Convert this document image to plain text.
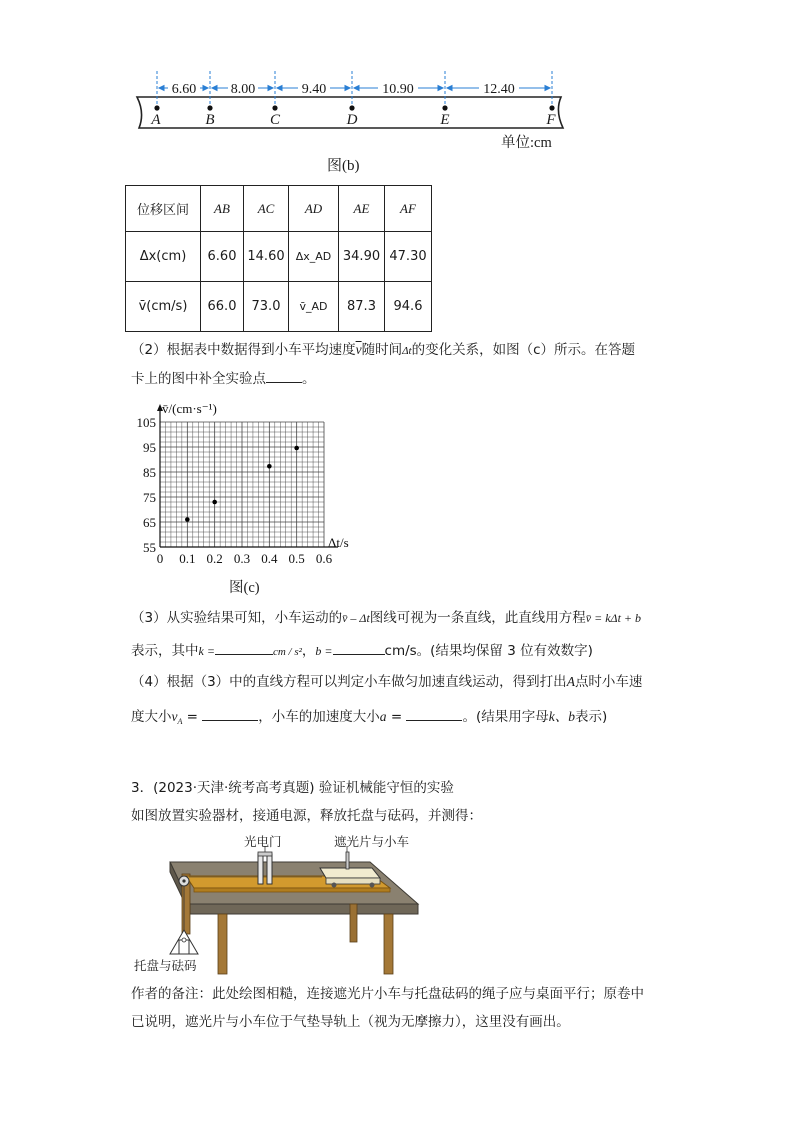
6.60 8.00	9.40	10.90	12.40
A	B	C	D	E	F
单位:cm
图(b)
位移区间	AB	AC	AD	AE	AF
Δx(cm)	6.60	14.60	Δx_AD	34.90	47.30
v̄(cm/s)	66.0	73.0	v̄_AD	87.3	94.6
（2）根据表中数据得到小车平均速度$\overline{v}$随时间Δt的变化关系，如图（c）所示。在答题
卡上的图中补全实验点	。
0 0.1 0.2 0.3 0.4 0.5 0.6
55
65
75
85
95
105
v̄/(cm·s⁻¹)
Δt/s
图(c)
（3）从实验结果可知，小车运动的v̄ – Δt图线可视为一条直线，此直线用方程v̄ = kΔt + b
表示，其中k =	cm / s²，b =	cm/s。(结果均保留 3 位有效数字)
（4）根据（3）中的直线方程可以判定小车做匀加速直线运动，得到打出A点时小车速
度大小$v_A$ =	，小车的加速度大小a =	。(结果用字母k、b表示)
3．(2023·天津·统考高考真题) 验证机械能守恒的实验
如图放置实验器材，接通电源，释放托盘与砝码，并测得：
光电门	遮光片与小车
托盘与砝码
作者的备注：此处绘图相糙，连接遮光片小车与托盘砝码的绳子应与桌面平行；原卷中
已说明，遮光片与小车位于气垫导轨上（视为无摩擦力），这里没有画出。
